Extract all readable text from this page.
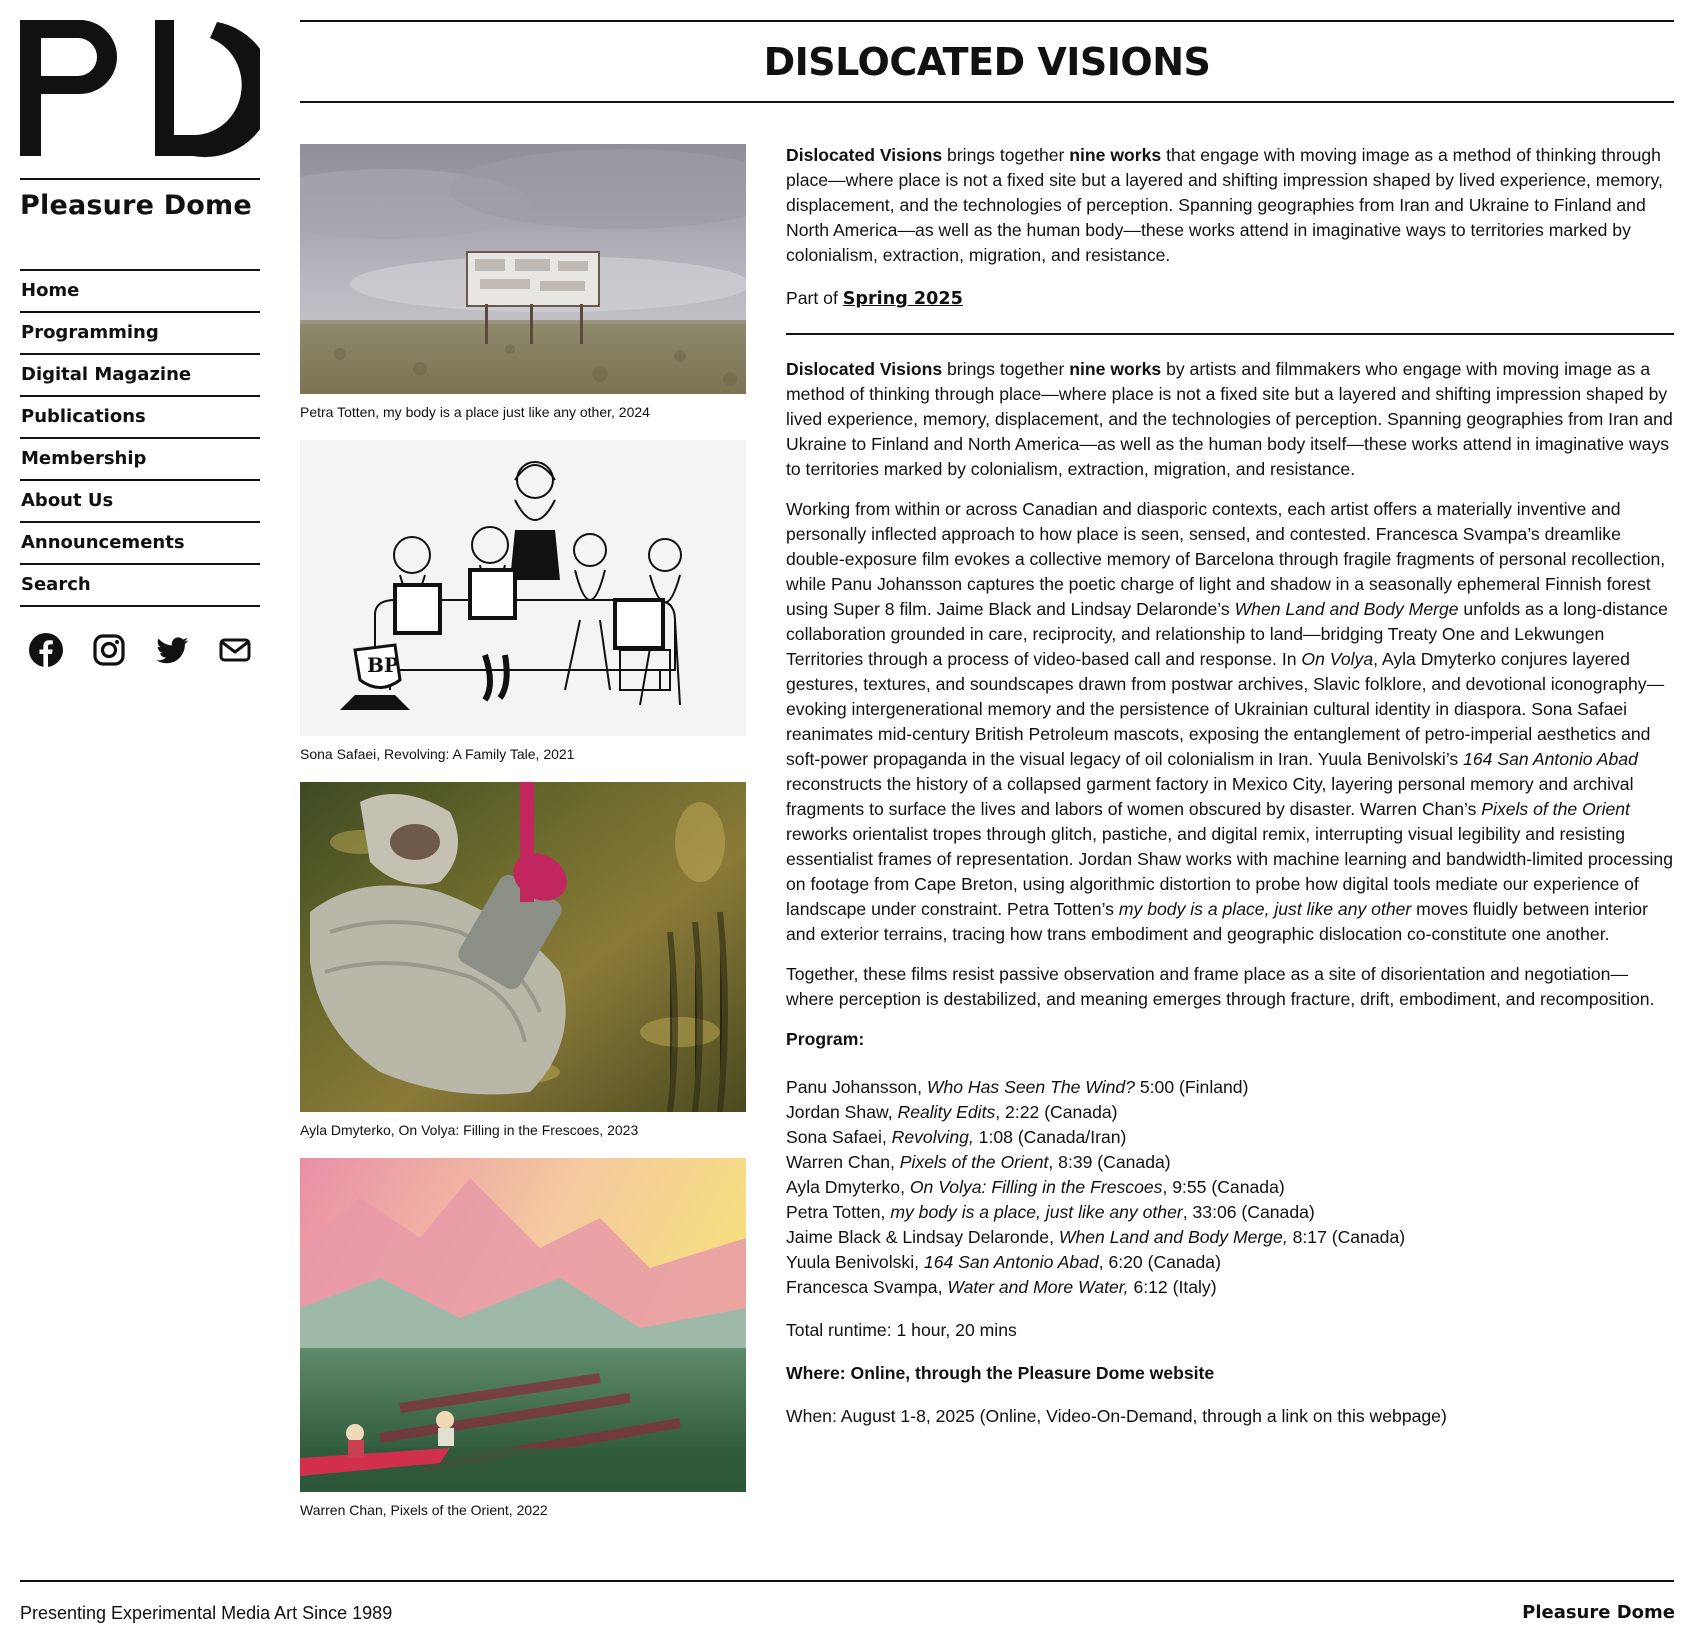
Pleasure Dome
Home
Programming
Digital Magazine
Publications
Membership
About Us
Announcements
Search
DISLOCATED VISIONS
Petra Totten, my body is a place just like any other, 2024
BP
Sona Safaei, Revolving: A Family Tale, 2021
Ayla Dmyterko, On Volya: Filling in the Frescoes, 2023
Warren Chan, Pixels of the Orient, 2022

Dislocated Visions brings together nine works that engage with moving image as a method of thinking through place—where place is not a fixed site but a layered and shifting impression shaped by lived experience, memory, displacement, and the technologies of perception. Spanning geographies from Iran and Ukraine to Finland and North America—as well as the human body—these works attend in imaginative ways to territories marked by colonialism, extraction, migration, and resistance.

Part of Spring 2025

Dislocated Visions brings together nine works by artists and filmmakers who engage with moving image as a method of thinking through place—where place is not a fixed site but a layered and shifting impression shaped by lived experience, memory, displacement, and the technologies of perception. Spanning geographies from Iran and Ukraine to Finland and North America—as well as the human body itself—these works attend in imaginative ways to territories marked by colonialism, extraction, migration, and resistance.

Working from within or across Canadian and diasporic contexts, each artist offers a materially inventive and personally inflected approach to how place is seen, sensed, and contested. Francesca Svampa’s dreamlike double-exposure film evokes a collective memory of Barcelona through fragile fragments of personal recollection, while Panu Johansson captures the poetic charge of light and shadow in a seasonally ephemeral Finnish forest using Super 8 film. Jaime Black and Lindsay Delaronde’s When Land and Body Merge unfolds as a long-distance collaboration grounded in care, reciprocity, and relationship to land—bridging Treaty One and Lekwungen Territories through a process of video-based call and response. In On Volya, Ayla Dmyterko conjures layered gestures, textures, and soundscapes drawn from postwar archives, Slavic folklore, and devotional iconography—evoking intergenerational memory and the persistence of Ukrainian cultural identity in diaspora. Sona Safaei reanimates mid-century British Petroleum mascots, exposing the entanglement of petro-imperial aesthetics and soft-power propaganda in the visual legacy of oil colonialism in Iran. Yuula Benivolski’s 164 San Antonio Abad reconstructs the history of a collapsed garment factory in Mexico City, layering personal memory and archival fragments to surface the lives and labors of women obscured by disaster. Warren Chan’s Pixels of the Orient reworks orientalist tropes through glitch, pastiche, and digital remix, interrupting visual legibility and resisting essentialist frames of representation. Jordan Shaw works with machine learning and bandwidth-limited processing on footage from Cape Breton, using algorithmic distortion to probe how digital tools mediate our experience of landscape under constraint. Petra Totten’s my body is a place, just like any other moves fluidly between interior and exterior terrains, tracing how trans embodiment and geographic dislocation co-constitute one another.

Together, these films resist passive observation and frame place as a site of disorientation and negotiation—where perception is destabilized, and meaning emerges through fracture, drift, embodiment, and recomposition.

Program:

Panu Johansson, Who Has Seen The Wind? 5:00 (Finland)
Jordan Shaw, Reality Edits, 2:22 (Canada)
Sona Safaei, Revolving, 1:08 (Canada/Iran)
Warren Chan, Pixels of the Orient, 8:39 (Canada)
Ayla Dmyterko, On Volya: Filling in the Frescoes, 9:55 (Canada)
Petra Totten, my body is a place, just like any other, 33:06 (Canada)
Jaime Black & Lindsay Delaronde, When Land and Body Merge, 8:17 (Canada)
Yuula Benivolski, 164 San Antonio Abad, 6:20 (Canada)
Francesca Svampa, Water and More Water, 6:12 (Italy)

Total runtime: 1 hour, 20 mins

Where: Online, through the Pleasure Dome website

When: August 1-8, 2025 (Online, Video-On-Demand, through a link on this webpage)

Presenting Experimental Media Art Since 1989	Pleasure Dome
